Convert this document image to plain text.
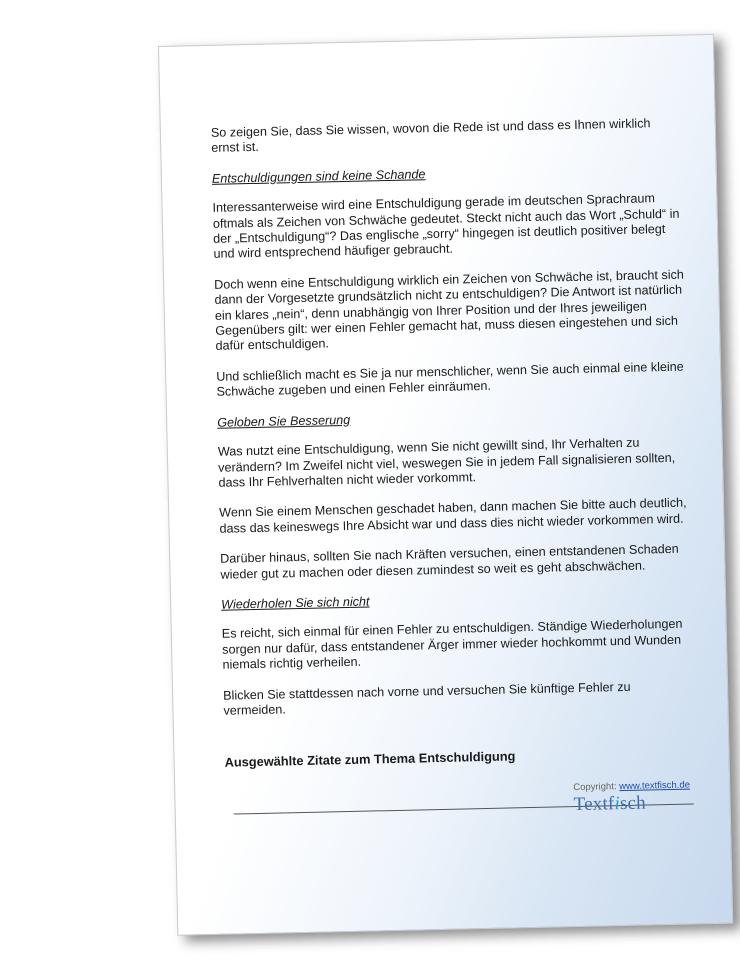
So zeigen Sie, dass Sie wissen, wovon die Rede ist und dass es Ihnen wirklich ernst ist.

Entschuldigungen sind keine Schande

Interessanterweise wird eine Entschuldigung gerade im deutschen Sprachraum oftmals als Zeichen von Schwäche gedeutet. Steckt nicht auch das Wort „Schuld“ in der „Entschuldigung“? Das englische „sorry“ hingegen ist deutlich positiver belegt und wird entsprechend häufiger gebraucht.

Doch wenn eine Entschuldigung wirklich ein Zeichen von Schwäche ist, braucht sich dann der Vorgesetzte grundsätzlich nicht zu entschuldigen? Die Antwort ist natürlich ein klares „nein“, denn unabhängig von Ihrer Position und der Ihres jeweiligen Gegenübers gilt: wer einen Fehler gemacht hat, muss diesen eingestehen und sich dafür entschuldigen.

Und schließlich macht es Sie ja nur menschlicher, wenn Sie auch einmal eine kleine Schwäche zugeben und einen Fehler einräumen.

Geloben Sie Besserung

Was nutzt eine Entschuldigung, wenn Sie nicht gewillt sind, Ihr Verhalten zu verändern? Im Zweifel nicht viel, weswegen Sie in jedem Fall signalisieren sollten, dass Ihr Fehlverhalten nicht wieder vorkommt.

Wenn Sie einem Menschen geschadet haben, dann machen Sie bitte auch deutlich, dass das keineswegs Ihre Absicht war und dass dies nicht wieder vorkommen wird.

Darüber hinaus, sollten Sie nach Kräften versuchen, einen entstandenen Schaden wieder gut zu machen oder diesen zumindest so weit es geht abschwächen.

Wiederholen Sie sich nicht

Es reicht, sich einmal für einen Fehler zu entschuldigen. Ständige Wiederholungen sorgen nur dafür, dass entstandener Ärger immer wieder hochkommt und Wunden niemals richtig verheilen.

Blicken Sie stattdessen nach vorne und versuchen Sie künftige Fehler zu vermeiden.

Ausgewählte Zitate zum Thema Entschuldigung

Copyright: www.textfisch.de
Textfisch
